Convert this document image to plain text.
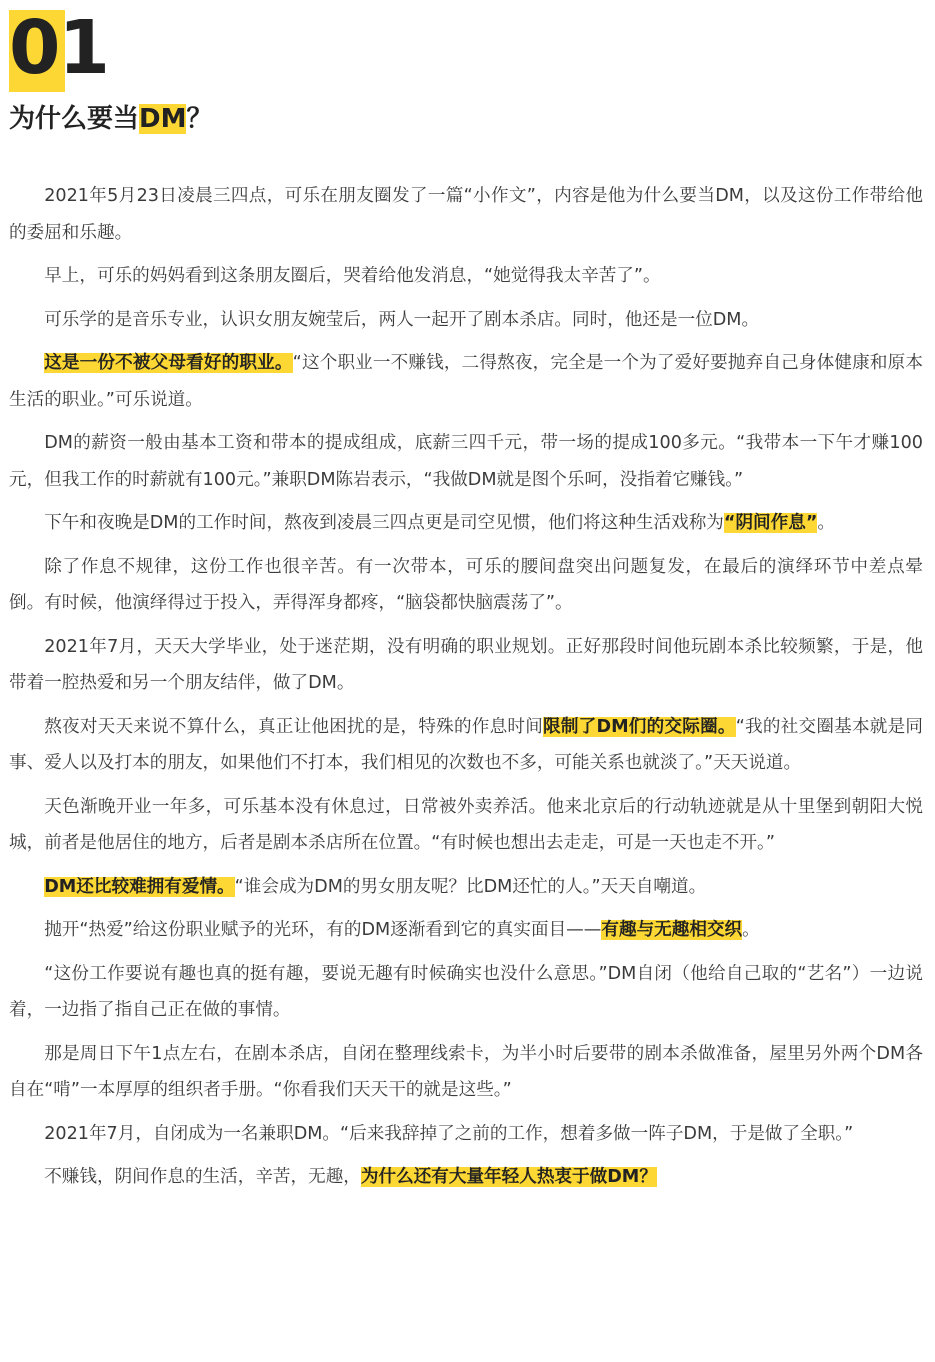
01

为什么要当DM？

2021年5月23日凌晨三四点，可乐在朋友圈发了一篇“小作文”，内容是他为什么要当DM，以及这份工作带给他的委屈和乐趣。

早上，可乐的妈妈看到这条朋友圈后，哭着给他发消息，“她觉得我太辛苦了”。

可乐学的是音乐专业，认识女朋友婉莹后，两人一起开了剧本杀店。同时，他还是一位DM。

这是一份不被父母看好的职业。“这个职业一不赚钱，二得熬夜，完全是一个为了爱好要抛弃自己身体健康和原本生活的职业。”可乐说道。

DM的薪资一般由基本工资和带本的提成组成，底薪三四千元，带一场的提成100多元。“我带本一下午才赚100元，但我工作的时薪就有100元。”兼职DM陈岩表示，“我做DM就是图个乐呵，没指着它赚钱。”

下午和夜晚是DM的工作时间，熬夜到凌晨三四点更是司空见惯，他们将这种生活戏称为“阴间作息”。

除了作息不规律，这份工作也很辛苦。有一次带本，可乐的腰间盘突出问题复发，在最后的演绎环节中差点晕倒。有时候，他演绎得过于投入，弄得浑身都疼，“脑袋都快脑震荡了”。

2021年7月，天天大学毕业，处于迷茫期，没有明确的职业规划。正好那段时间他玩剧本杀比较频繁，于是，他带着一腔热爱和另一个朋友结伴，做了DM。

熬夜对天天来说不算什么，真正让他困扰的是，特殊的作息时间限制了DM们的交际圈。“我的社交圈基本就是同事、爱人以及打本的朋友，如果他们不打本，我们相见的次数也不多，可能关系也就淡了。”天天说道。

天色渐晚开业一年多，可乐基本没有休息过，日常被外卖养活。他来北京后的行动轨迹就是从十里堡到朝阳大悦城，前者是他居住的地方，后者是剧本杀店所在位置。“有时候也想出去走走，可是一天也走不开。”

DM还比较难拥有爱情。“谁会成为DM的男女朋友呢？比DM还忙的人。”天天自嘲道。

抛开“热爱”给这份职业赋予的光环，有的DM逐渐看到它的真实面目——有趣与无趣相交织。

“这份工作要说有趣也真的挺有趣，要说无趣有时候确实也没什么意思。”DM自闭（他给自己取的“艺名”）一边说着，一边指了指自己正在做的事情。

那是周日下午1点左右，在剧本杀店，自闭在整理线索卡，为半小时后要带的剧本杀做准备，屋里另外两个DM各自在“啃”一本厚厚的组织者手册。“你看我们天天干的就是这些。”

2021年7月，自闭成为一名兼职DM。“后来我辞掉了之前的工作，想着多做一阵子DM，于是做了全职。”

不赚钱，阴间作息的生活，辛苦，无趣，为什么还有大量年轻人热衷于做DM？
